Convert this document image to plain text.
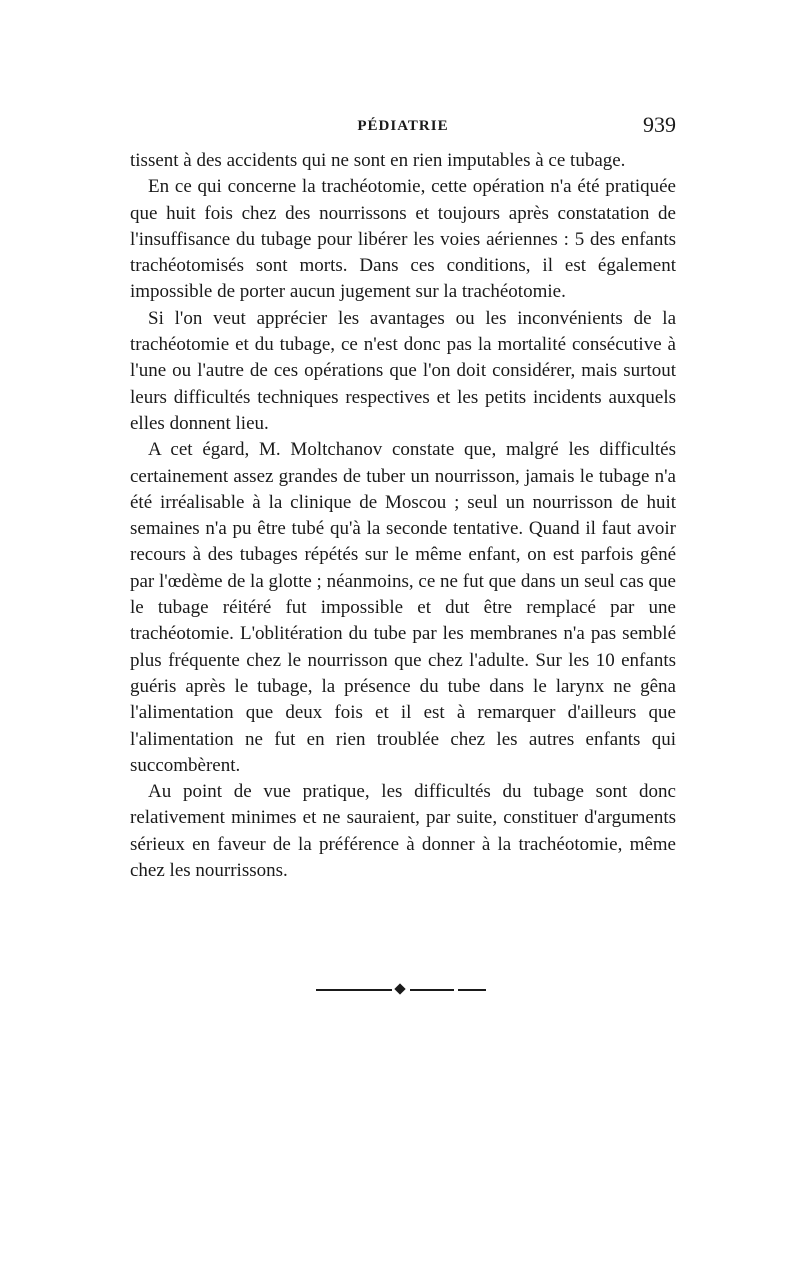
PÉDIATRIE	939

tissent à des accidents qui ne sont en rien imputables à ce tubage.

En ce qui concerne la trachéotomie, cette opération n'a été pratiquée que huit fois chez des nourrissons et toujours après constatation de l'insuffisance du tubage pour libérer les voies aériennes : 5 des enfants trachéotomisés sont morts. Dans ces conditions, il est également impossible de porter aucun jugement sur la trachéotomie.

Si l'on veut apprécier les avantages ou les inconvénients de la trachéotomie et du tubage, ce n'est donc pas la mortalité consécutive à l'une ou l'autre de ces opérations que l'on doit considérer, mais surtout leurs difficultés techniques respectives et les petits incidents auxquels elles donnent lieu.

A cet égard, M. Moltchanov constate que, malgré les difficultés certainement assez grandes de tuber un nourrisson, jamais le tubage n'a été irréalisable à la clinique de Moscou ; seul un nourrisson de huit semaines n'a pu être tubé qu'à la seconde tentative. Quand il faut avoir recours à des tubages répétés sur le même enfant, on est parfois gêné par l'œdème de la glotte ; néanmoins, ce ne fut que dans un seul cas que le tubage réitéré fut impossible et dut être remplacé par une trachéotomie. L'oblitération du tube par les membranes n'a pas semblé plus fréquente chez le nourrisson que chez l'adulte. Sur les 10 enfants guéris après le tubage, la présence du tube dans le larynx ne gêna l'alimentation que deux fois et il est à remarquer d'ailleurs que l'alimentation ne fut en rien troublée chez les autres enfants qui succombèrent.

Au point de vue pratique, les difficultés du tubage sont donc relativement minimes et ne sauraient, par suite, constituer d'arguments sérieux en faveur de la préférence à donner à la trachéotomie, même chez les nourrissons.
